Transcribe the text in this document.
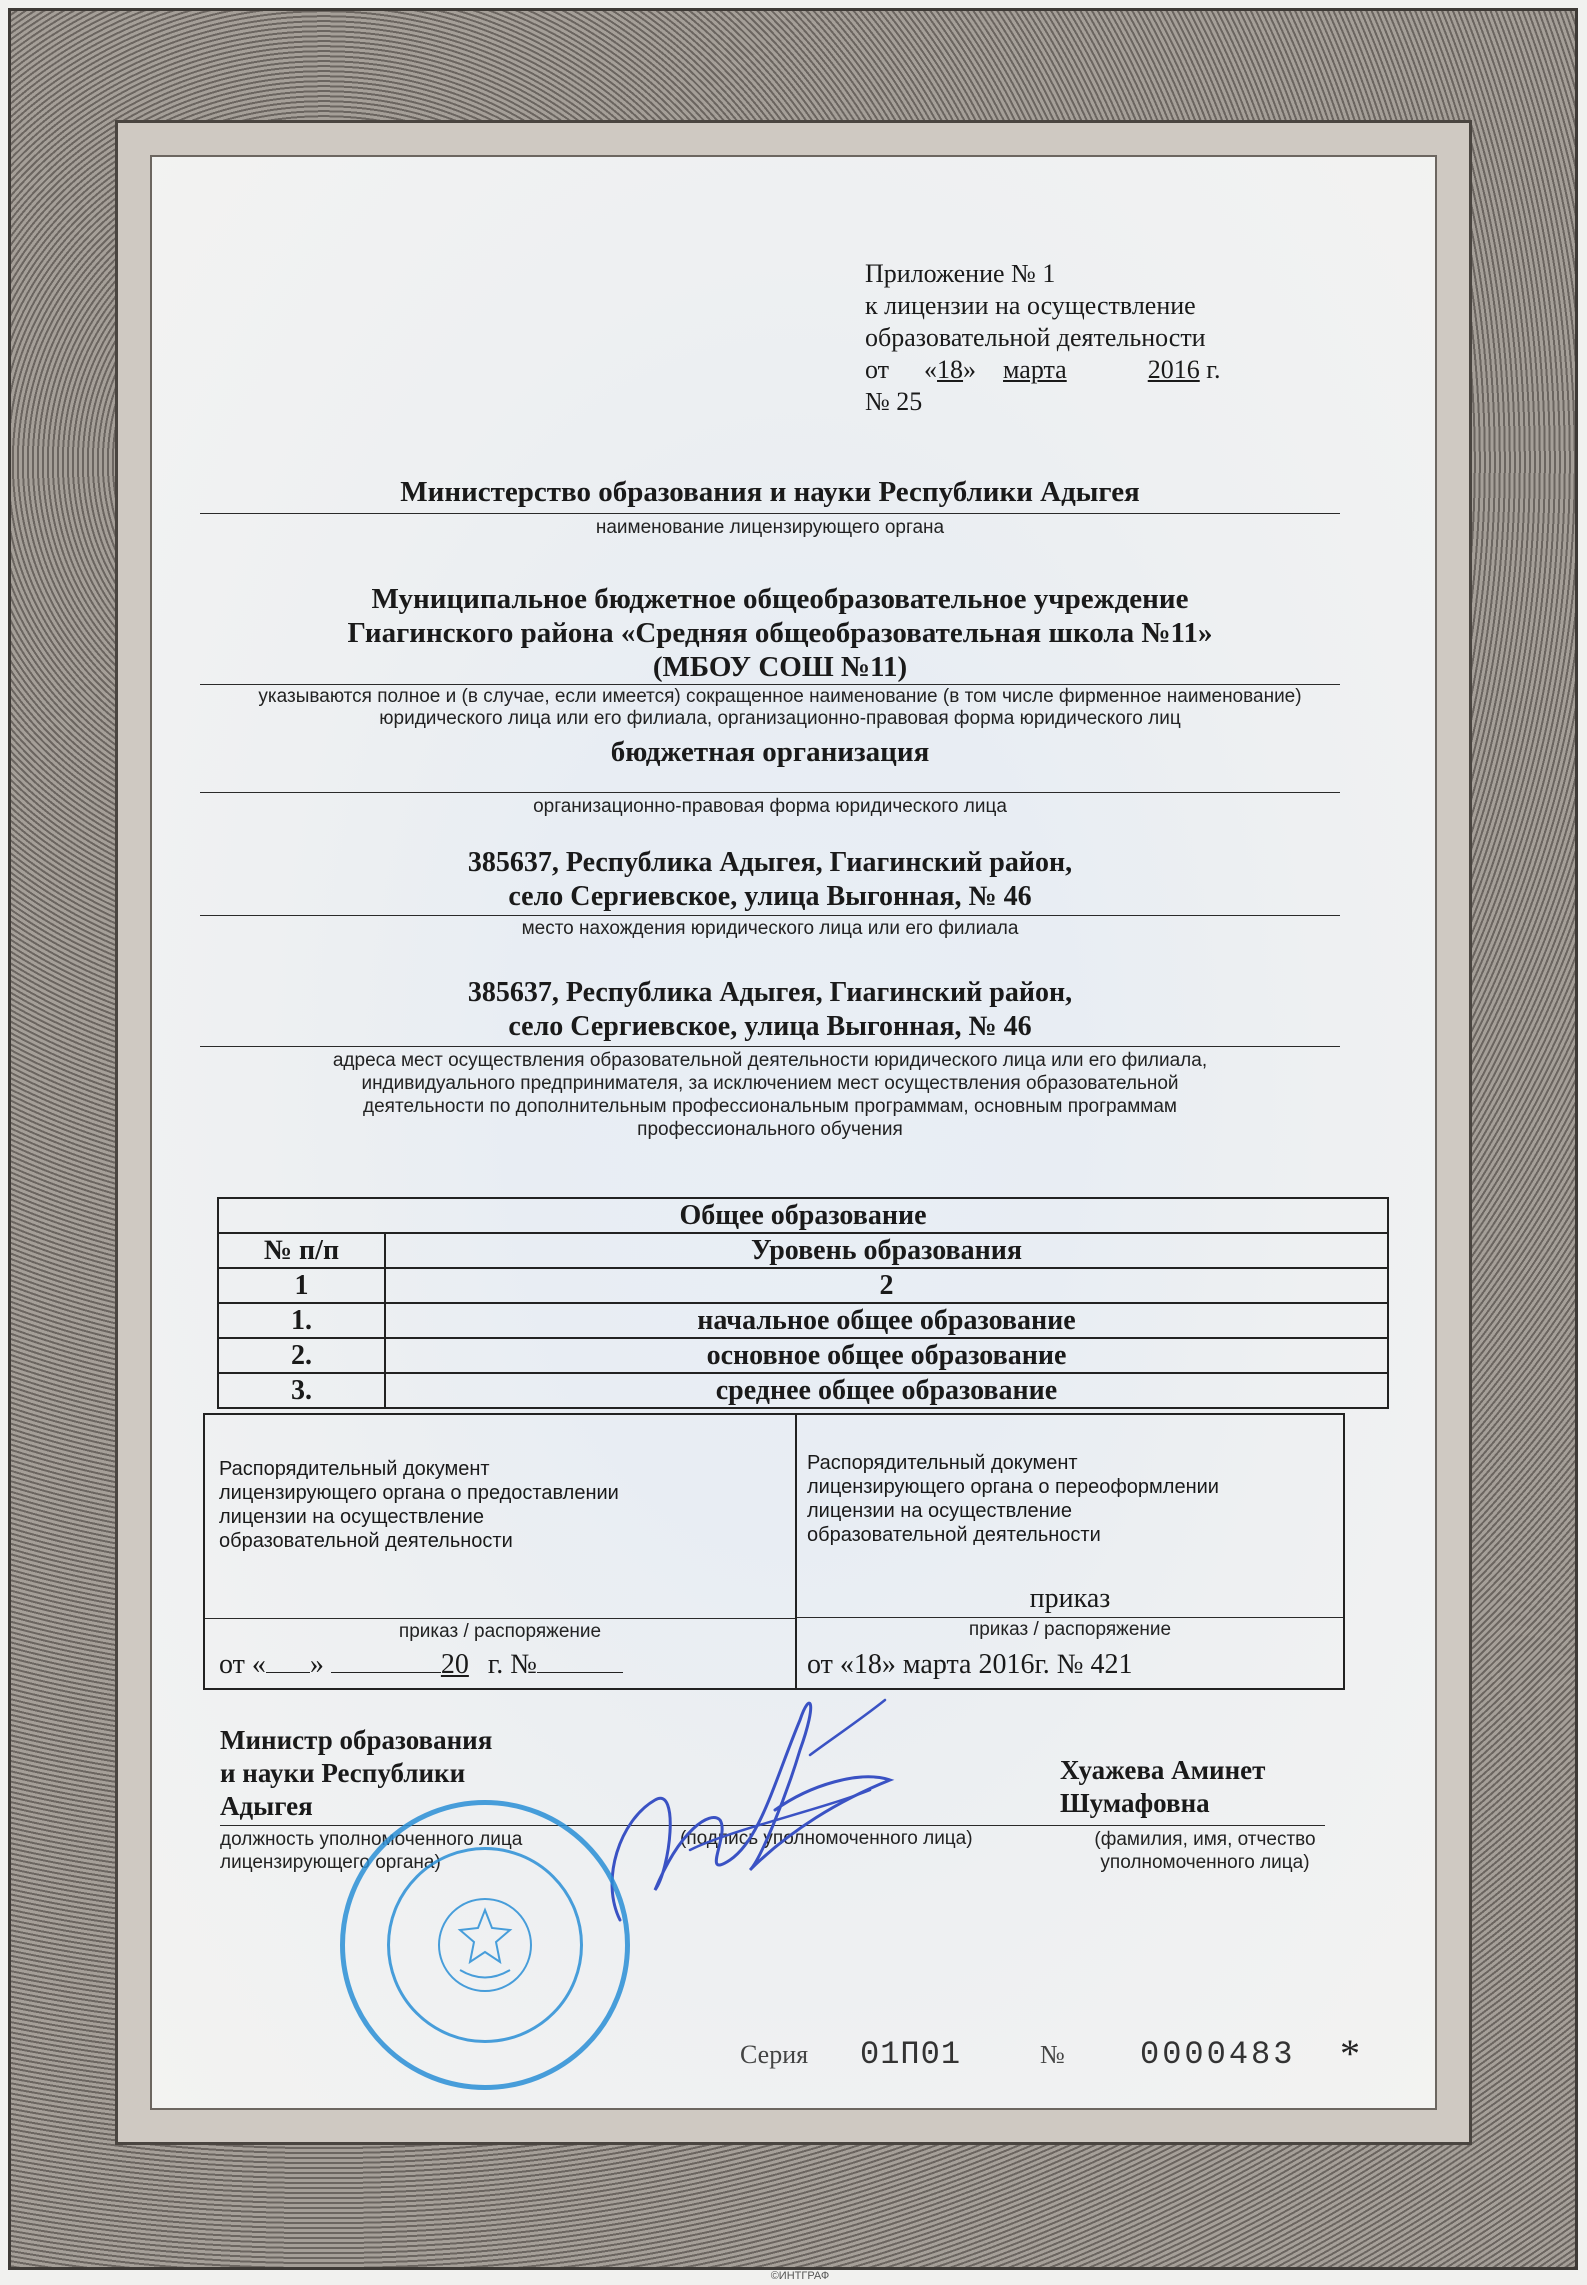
Приложение № 1
к лицензии на осуществление
образовательной деятельности
от «18» марта	2016 г.
№ 25
Министерство образования и науки Республики Адыгея
наименование лицензирующего органа
Муниципальное бюджетное общеобразовательное учреждение
Гиагинского района «Средняя общеобразовательная школа №11»
(МБОУ СОШ №11)
указываются полное и (в случае, если имеется) сокращенное наименование (в том числе фирменное наименование)
юридического лица или его филиала, организационно-правовая форма юридического лиц
бюджетная организация
организационно-правовая форма юридического лица
385637, Республика Адыгея, Гиагинский район,
село Сергиевское, улица Выгонная, № 46
место нахождения юридического лица или его филиала
385637, Республика Адыгея, Гиагинский район,
село Сергиевское, улица Выгонная, № 46
адреса мест осуществления образовательной деятельности юридического лица или его филиала,
индивидуального предпринимателя, за исключением мест осуществления образовательной
деятельности по дополнительным профессиональным программам, основным программам
профессионального обучения
Общее образование	
№ п/п	Уровень образования
1	2
1.	начальное общее образование
2.	основное общее образование
3.	среднее общее образование
Распорядительный документ
лицензирующего органа о предоставлении
лицензии на осуществление
образовательной деятельности
приказ / распоряжение
от « »	20 г. №
Распорядительный документ
лицензирующего органа о переоформлении
лицензии на осуществление
образовательной деятельности
приказ
приказ / распоряжение
от «18» марта 2016г. № 421
Министр образования
и науки Республики
Адыгея
должность уполномоченного лица
лицензирующего органа)
(подпись уполномоченного лица)
Хуажева Аминет
Шумафовна
(фамилия, имя, отчество
уполномоченного лица)
Серия 01П01	№ 0000483 *
©ИНТГРАФ
